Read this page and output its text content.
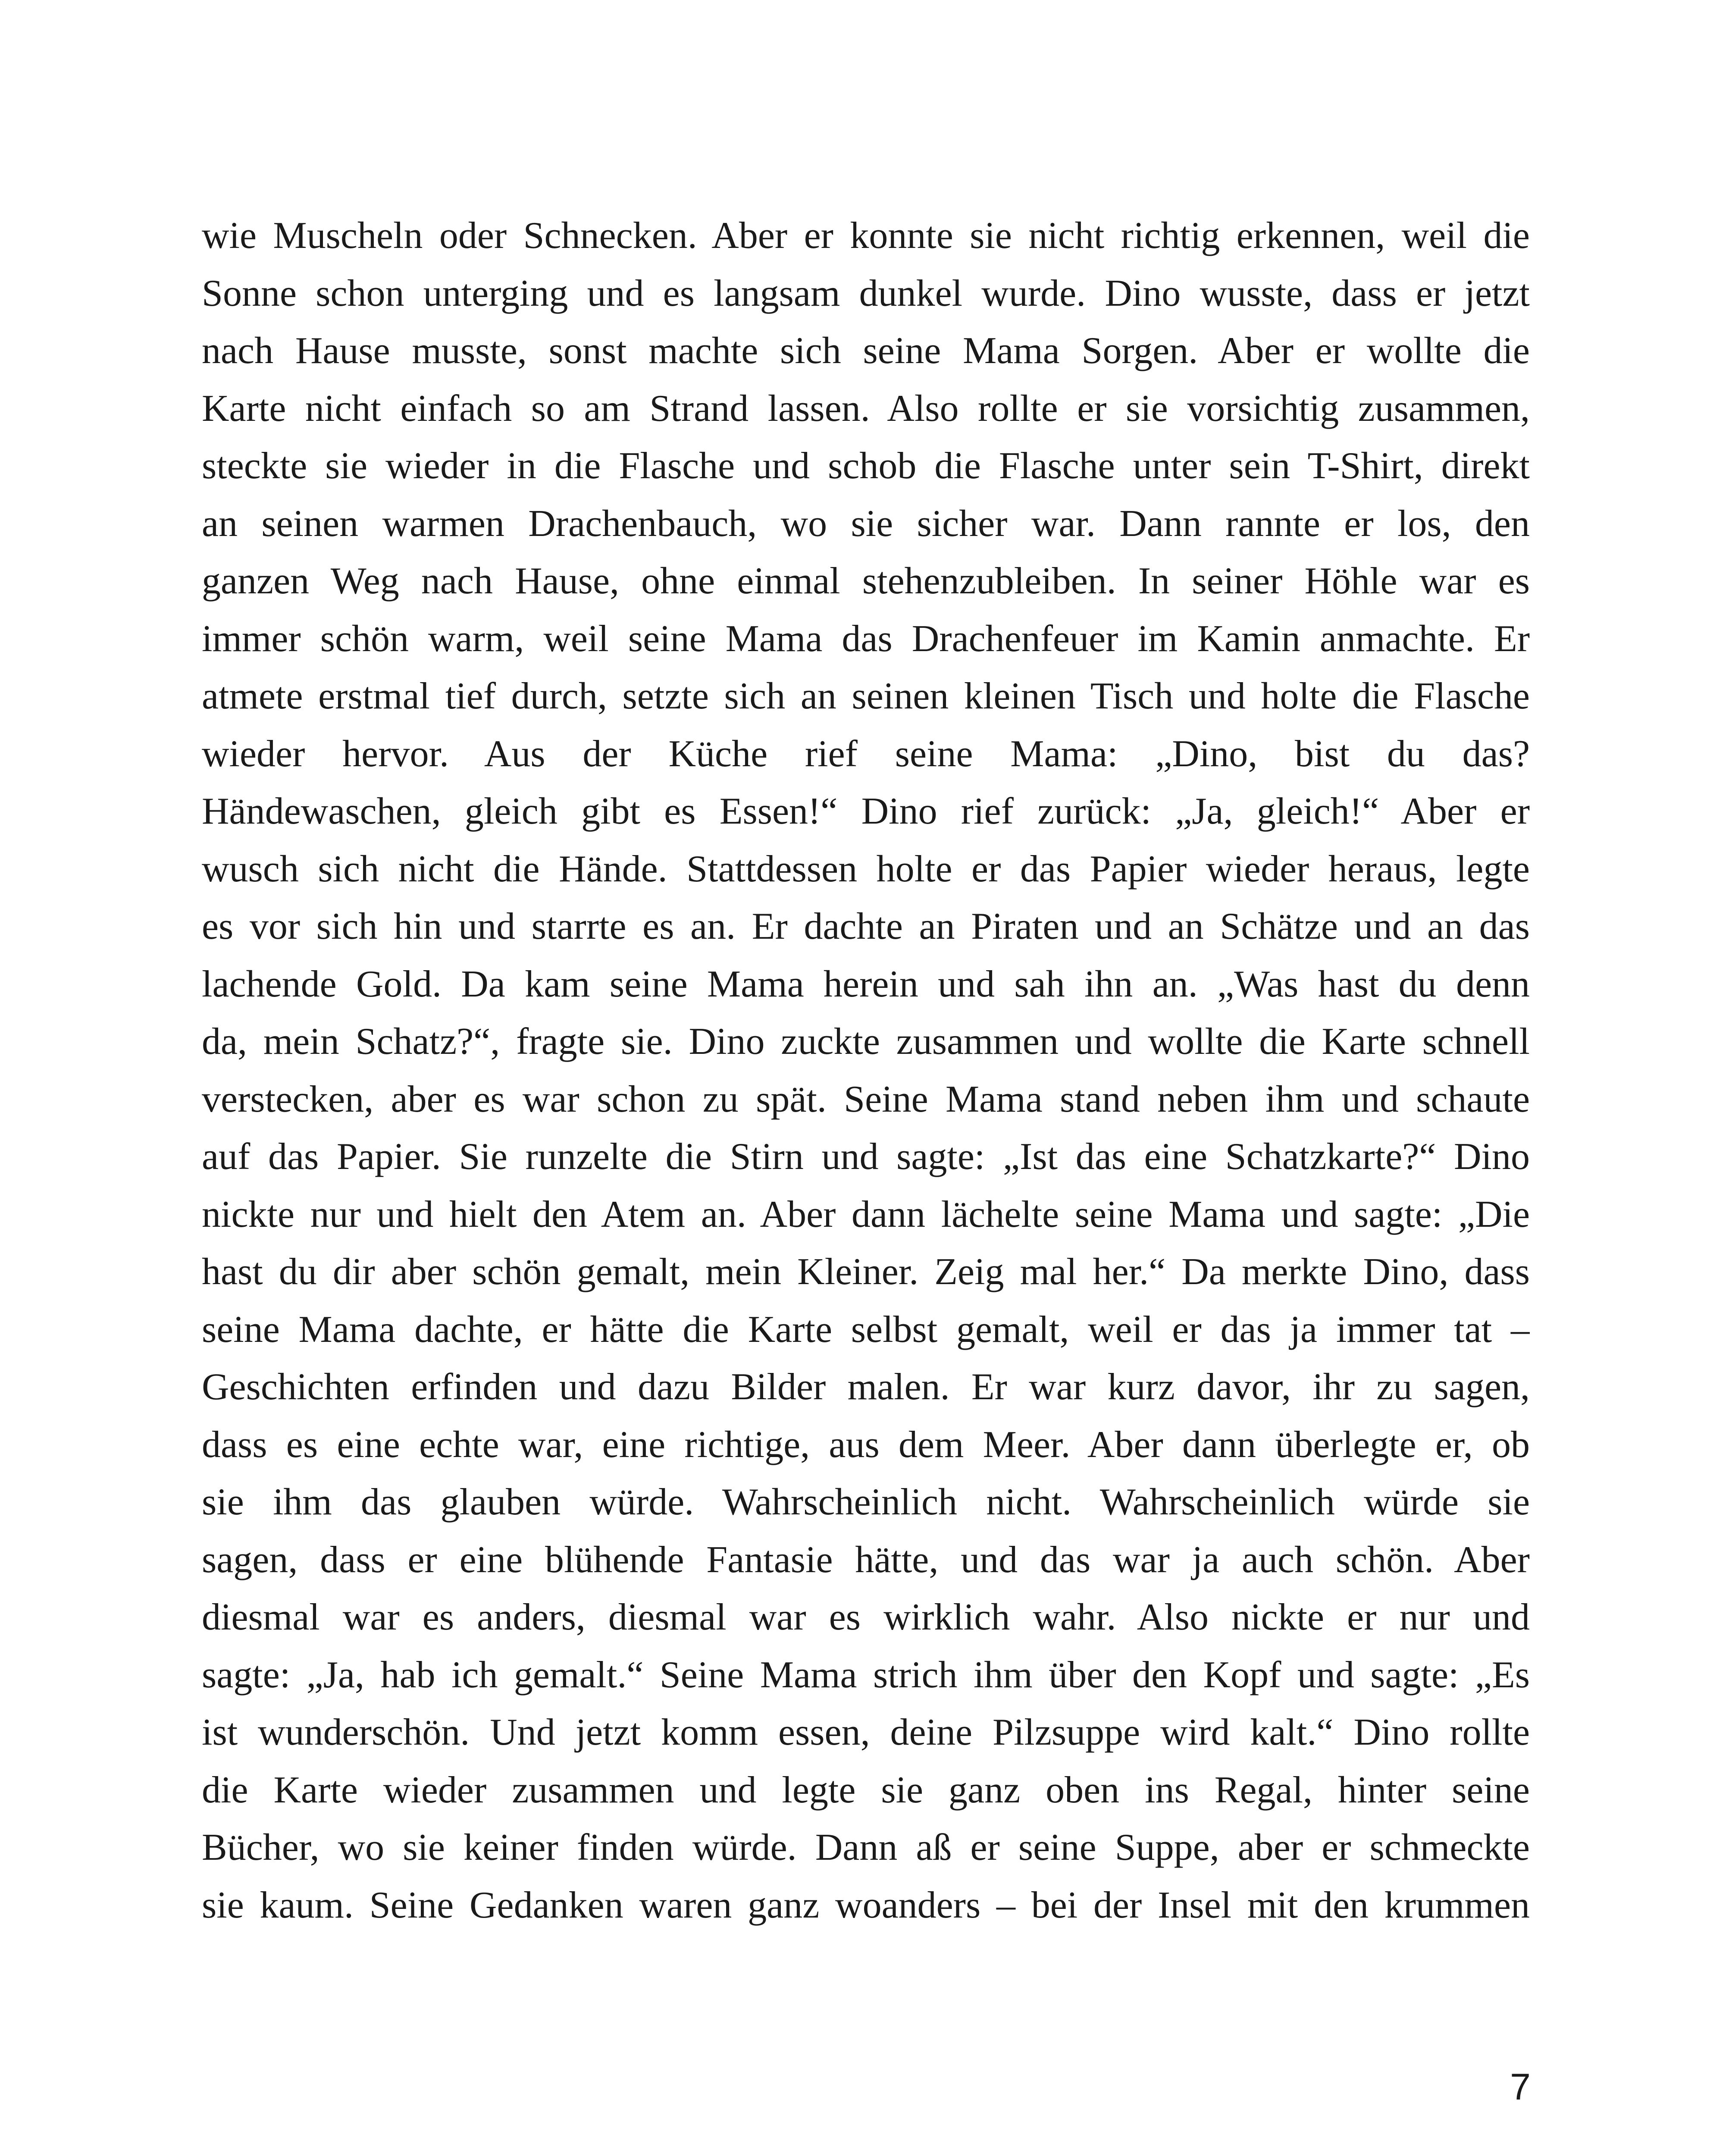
wie Muscheln oder Schnecken. Aber er konnte sie nicht richtig erkennen, weil die
Sonne schon unterging und es langsam dunkel wurde. Dino wusste, dass er jetzt
nach Hause musste, sonst machte sich seine Mama Sorgen. Aber er wollte die
Karte nicht einfach so am Strand lassen. Also rollte er sie vorsichtig zusammen,
steckte sie wieder in die Flasche und schob die Flasche unter sein T-Shirt, direkt
an seinen warmen Drachenbauch, wo sie sicher war. Dann rannte er los, den
ganzen Weg nach Hause, ohne einmal stehenzubleiben. In seiner Höhle war es
immer schön warm, weil seine Mama das Drachenfeuer im Kamin anmachte. Er
atmete erstmal tief durch, setzte sich an seinen kleinen Tisch und holte die Flasche
wieder hervor. Aus der Küche rief seine Mama: „Dino, bist du das?
Händewaschen, gleich gibt es Essen!“ Dino rief zurück: „Ja, gleich!“ Aber er
wusch sich nicht die Hände. Stattdessen holte er das Papier wieder heraus, legte
es vor sich hin und starrte es an. Er dachte an Piraten und an Schätze und an das
lachende Gold. Da kam seine Mama herein und sah ihn an. „Was hast du denn
da, mein Schatz?“, fragte sie. Dino zuckte zusammen und wollte die Karte schnell
verstecken, aber es war schon zu spät. Seine Mama stand neben ihm und schaute
auf das Papier. Sie runzelte die Stirn und sagte: „Ist das eine Schatzkarte?“ Dino
nickte nur und hielt den Atem an. Aber dann lächelte seine Mama und sagte: „Die
hast du dir aber schön gemalt, mein Kleiner. Zeig mal her.“ Da merkte Dino, dass
seine Mama dachte, er hätte die Karte selbst gemalt, weil er das ja immer tat –
Geschichten erfinden und dazu Bilder malen. Er war kurz davor, ihr zu sagen,
dass es eine echte war, eine richtige, aus dem Meer. Aber dann überlegte er, ob
sie ihm das glauben würde. Wahrscheinlich nicht. Wahrscheinlich würde sie
sagen, dass er eine blühende Fantasie hätte, und das war ja auch schön. Aber
diesmal war es anders, diesmal war es wirklich wahr. Also nickte er nur und
sagte: „Ja, hab ich gemalt.“ Seine Mama strich ihm über den Kopf und sagte: „Es
ist wunderschön. Und jetzt komm essen, deine Pilzsuppe wird kalt.“ Dino rollte
die Karte wieder zusammen und legte sie ganz oben ins Regal, hinter seine
Bücher, wo sie keiner finden würde. Dann aß er seine Suppe, aber er schmeckte
sie kaum. Seine Gedanken waren ganz woanders – bei der Insel mit den krummen
7
